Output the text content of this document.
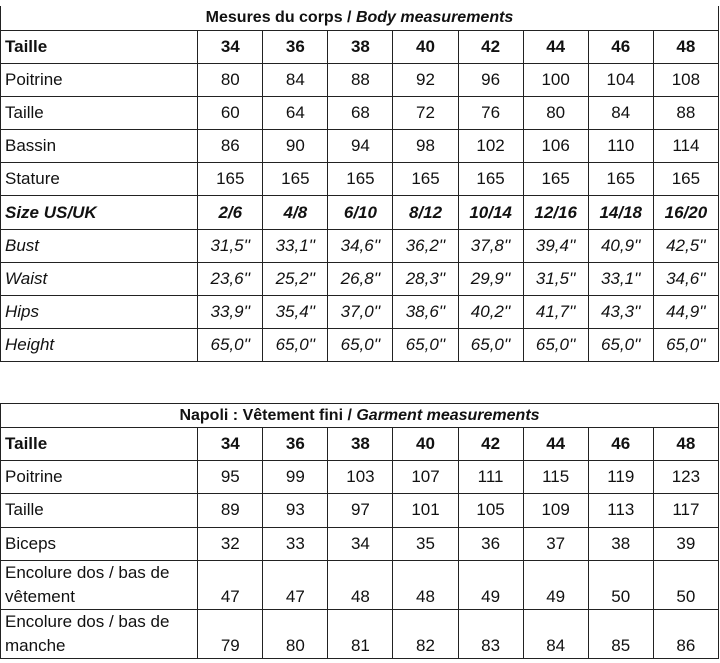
Mesures du corps / Body measurements								
Taille	34	36	38	40	42	44	46	48
Poitrine	80	84	88	92	96	100	104	108
Taille	60	64	68	72	76	80	84	88
Bassin	86	90	94	98	102	106	110	114
Stature	165	165	165	165	165	165	165	165
Size US/UK	2/6	4/8	6/10	8/12	10/14	12/16	14/18	16/20
Bust	31,5''	33,1''	34,6''	36,2''	37,8''	39,4''	40,9''	42,5''
Waist	23,6''	25,2''	26,8''	28,3''	29,9''	31,5''	33,1''	34,6''
Hips	33,9''	35,4''	37,0''	38,6''	40,2''	41,7''	43,3''	44,9''
Height	65,0''	65,0''	65,0''	65,0''	65,0''	65,0''	65,0''	65,0''
Napoli : Vêtement fini / Garment measurements								
Taille	34	36	38	40	42	44	46	48
Poitrine	95	99	103	107	111	115	119	123
Taille	89	93	97	101	105	109	113	117
Biceps	32	33	34	35	36	37	38	39
Encolure dos / bas de vêtement	47	47	48	48	49	49	50	50
Encolure dos / bas de manche	79	80	81	82	83	84	85	86
